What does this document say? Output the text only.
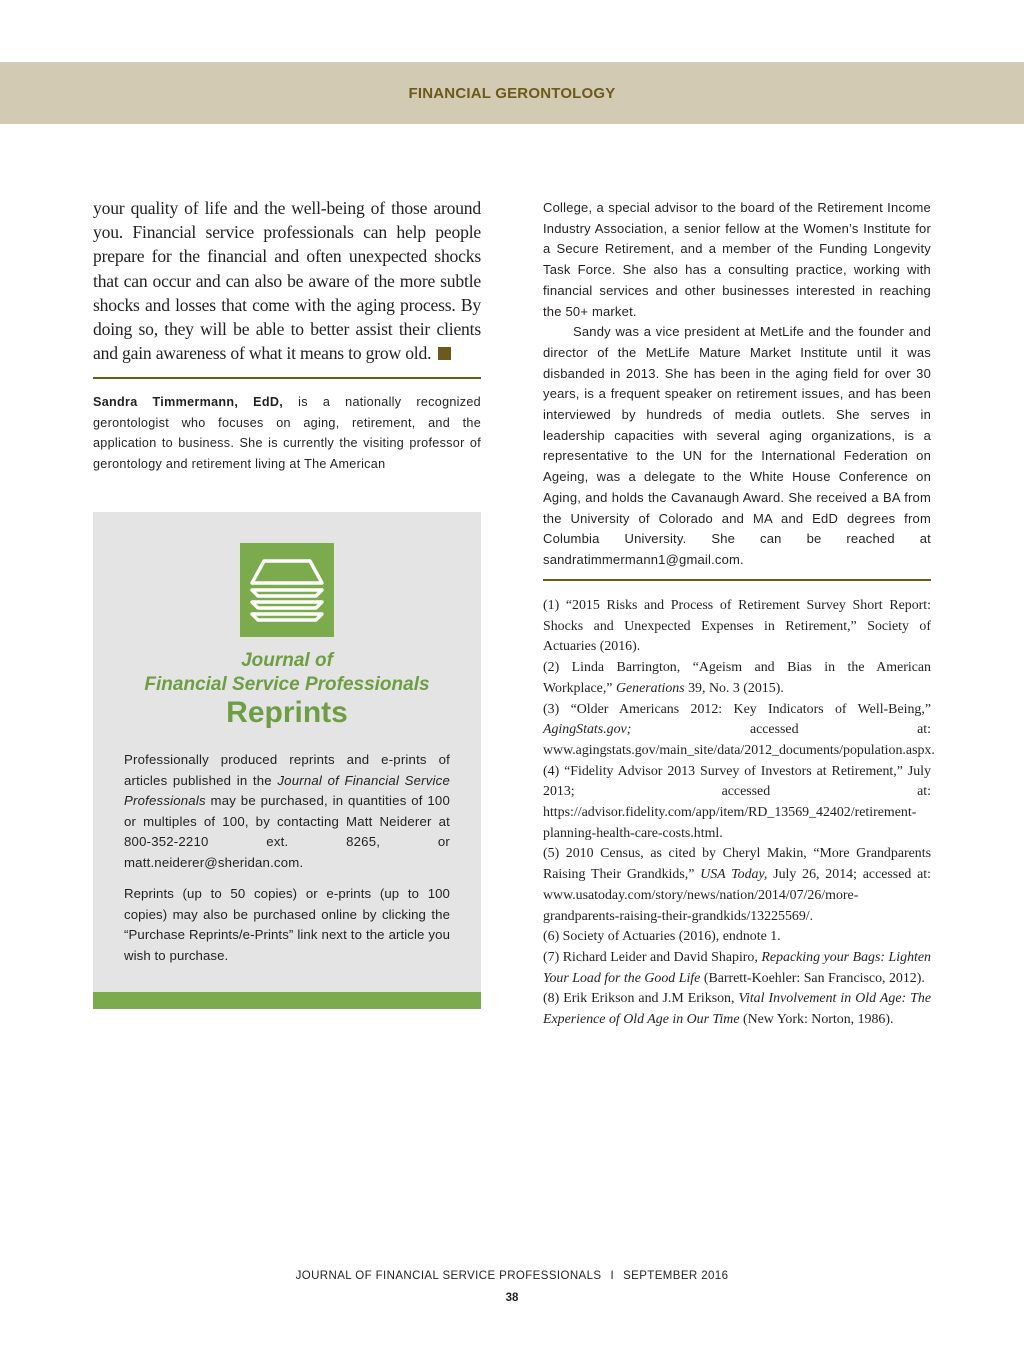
FINANCIAL GERONTOLOGY

your quality of life and the well-being of those around you. Financial service professionals can help people prepare for the financial and often unexpected shocks that can occur and can also be aware of the more subtle shocks and losses that come with the aging process. By doing so, they will be able to better assist their clients and gain awareness of what it means to grow old.

Sandra Timmermann, EdD, is a nationally recognized gerontologist who focuses on aging, retirement, and the application to business. She is currently the visiting professor of gerontology and retirement living at The American

Journal of
Financial Service Professionals
Reprints

Professionally produced reprints and e-prints of articles published in the Journal of Financial Service Professionals may be purchased, in quantities of 100 or multiples of 100, by contacting Matt Neiderer at 800-352-2210 ext. 8265, or matt.neiderer@sheridan.com.

Reprints (up to 50 copies) or e-prints (up to 100 copies) may also be purchased online by clicking the “Purchase Reprints/e-Prints” link next to the article you wish to purchase.

College, a special advisor to the board of the Retirement Income Industry Association, a senior fellow at the Women’s Institute for a Secure Retirement, and a member of the Funding Longevity Task Force. She also has a consulting practice, working with financial services and other businesses interested in reaching the 50+ market.
Sandy was a vice president at MetLife and the founder and director of the MetLife Mature Market Institute until it was disbanded in 2013. She has been in the aging field for over 30 years, is a frequent speaker on retirement issues, and has been interviewed by hundreds of media outlets. She serves in leadership capacities with several aging organizations, is a representative to the UN for the International Federation on Ageing, was a delegate to the White House Conference on Aging, and holds the Cavanaugh Award. She received a BA from the University of Colorado and MA and EdD degrees from Columbia University. She can be reached at sandratimmermann1@gmail.com.

(1) “2015 Risks and Process of Retirement Survey Short Report: Shocks and Unexpected Expenses in Retirement,” Society of Actuaries (2016).

(2) Linda Barrington, “Ageism and Bias in the American Workplace,” Generations 39, No. 3 (2015).

(3) “Older Americans 2012: Key Indicators of Well-Being,” AgingStats.gov;	accessed at: www.agingstats.gov/main_site/data/2012_documents/population.aspx.

(4) “Fidelity Advisor 2013 Survey of Investors at Retirement,” July 2013; accessed at: https://advisor.fidelity.com/app/item/RD_13569_42402/retirement-planning-health-care-costs.html.

(5) 2010 Census, as cited by Cheryl Makin, “More Grandparents Raising Their Grandkids,” USA Today, July 26, 2014; accessed at: www.usatoday.com/story/news/nation/2014/07/26/more-grandparents-raising-their-grandkids/13225569/.

(6) Society of Actuaries (2016), endnote 1.

(7) Richard Leider and David Shapiro, Repacking your Bags: Lighten Your Load for the Good Life (Barrett-Koehler: San Francisco, 2012).

(8) Erik Erikson and J.M Erikson, Vital Involvement in Old Age: The Experience of Old Age in Our Time (New York: Norton, 1986).

JOURNAL OF FINANCIAL SERVICE PROFESSIONALS I SEPTEMBER 2016
38
